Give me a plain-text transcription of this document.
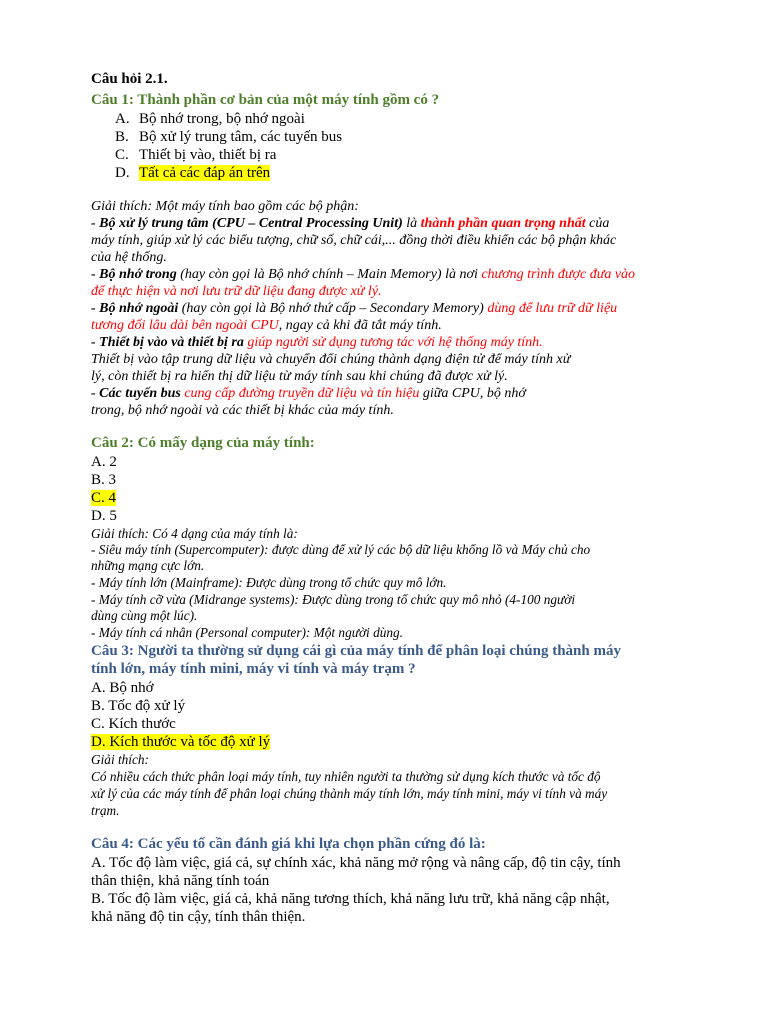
Câu hỏi 2.1.
Câu 1: Thành phần cơ bản của một máy tính gồm có ?
A. Bộ nhớ trong, bộ nhớ ngoài
B. Bộ xử lý trung tâm, các tuyến bus
C. Thiết bị vào, thiết bị ra
D. Tất cả các đáp án trên
Giải thích: Một máy tính bao gồm các bộ phận:
- Bộ xử lý trung tâm (CPU – Central Processing Unit) là thành phần quan trọng nhất của
máy tính, giúp xử lý các biểu tượng, chữ số, chữ cái,... đồng thời điều khiển các bộ phận khác
của hệ thống.
- Bộ nhớ trong (hay còn gọi là Bộ nhớ chính – Main Memory) là nơi chương trình được đưa vào
để thực hiện và nơi lưu trữ dữ liệu đang được xử lý.
- Bộ nhớ ngoài (hay còn gọi là Bộ nhớ thứ cấp – Secondary Memory) dùng để lưu trữ dữ liệu
tương đối lâu dài bên ngoài CPU, ngay cả khi đã tắt máy tính.
- Thiết bị vào và thiết bị ra giúp người sử dụng tương tác với hệ thống máy tính.
Thiết bị vào tập trung dữ liệu và chuyển đổi chúng thành dạng điện tử để máy tính xử
lý, còn thiết bị ra hiển thị dữ liệu từ máy tính sau khi chúng đã được xử lý.
- Các tuyến bus cung cấp đường truyền dữ liệu và tín hiệu giữa CPU, bộ nhớ
trong, bộ nhớ ngoài và các thiết bị khác của máy tính.
Câu 2: Có mấy dạng của máy tính:
A. 2
B. 3
C. 4
D. 5
Giải thích: Có 4 dạng của máy tính là:
- Siêu máy tính (Supercomputer): được dùng để xử lý các bộ dữ liệu khổng lồ và Máy chủ cho
những mạng cực lớn.
- Máy tính lớn (Mainframe): Được dùng trong tổ chức quy mô lớn.
- Máy tính cỡ vừa (Midrange systems): Được dùng trong tổ chức quy mô nhỏ (4-100 người
dùng cùng một lúc).
- Máy tính cá nhân (Personal computer): Một người dùng.
Câu 3: Người ta thường sử dụng cái gì của máy tính để phân loại chúng thành máy
tính lớn, máy tính mini, máy vi tính và máy trạm ?
A. Bộ nhớ
B. Tốc độ xử lý
C. Kích thước
D. Kích thước và tốc độ xử lý
Giải thích:
Có nhiều cách thức phân loại máy tính, tuy nhiên người ta thường sử dụng kích thước và tốc độ
xử lý của các máy tính để phân loại chúng thành máy tính lớn, máy tính mini, máy vi tính và máy
trạm.
Câu 4: Các yếu tố cần đánh giá khi lựa chọn phần cứng đó là:
A. Tốc độ làm việc, giá cả, sự chính xác, khả năng mở rộng và nâng cấp, độ tin cậy, tính
thân thiện, khả năng tính toán
B. Tốc độ làm việc, giá cả, khả năng tương thích, khả năng lưu trữ, khả năng cập nhật,
khả năng độ tin cậy, tính thân thiện.
